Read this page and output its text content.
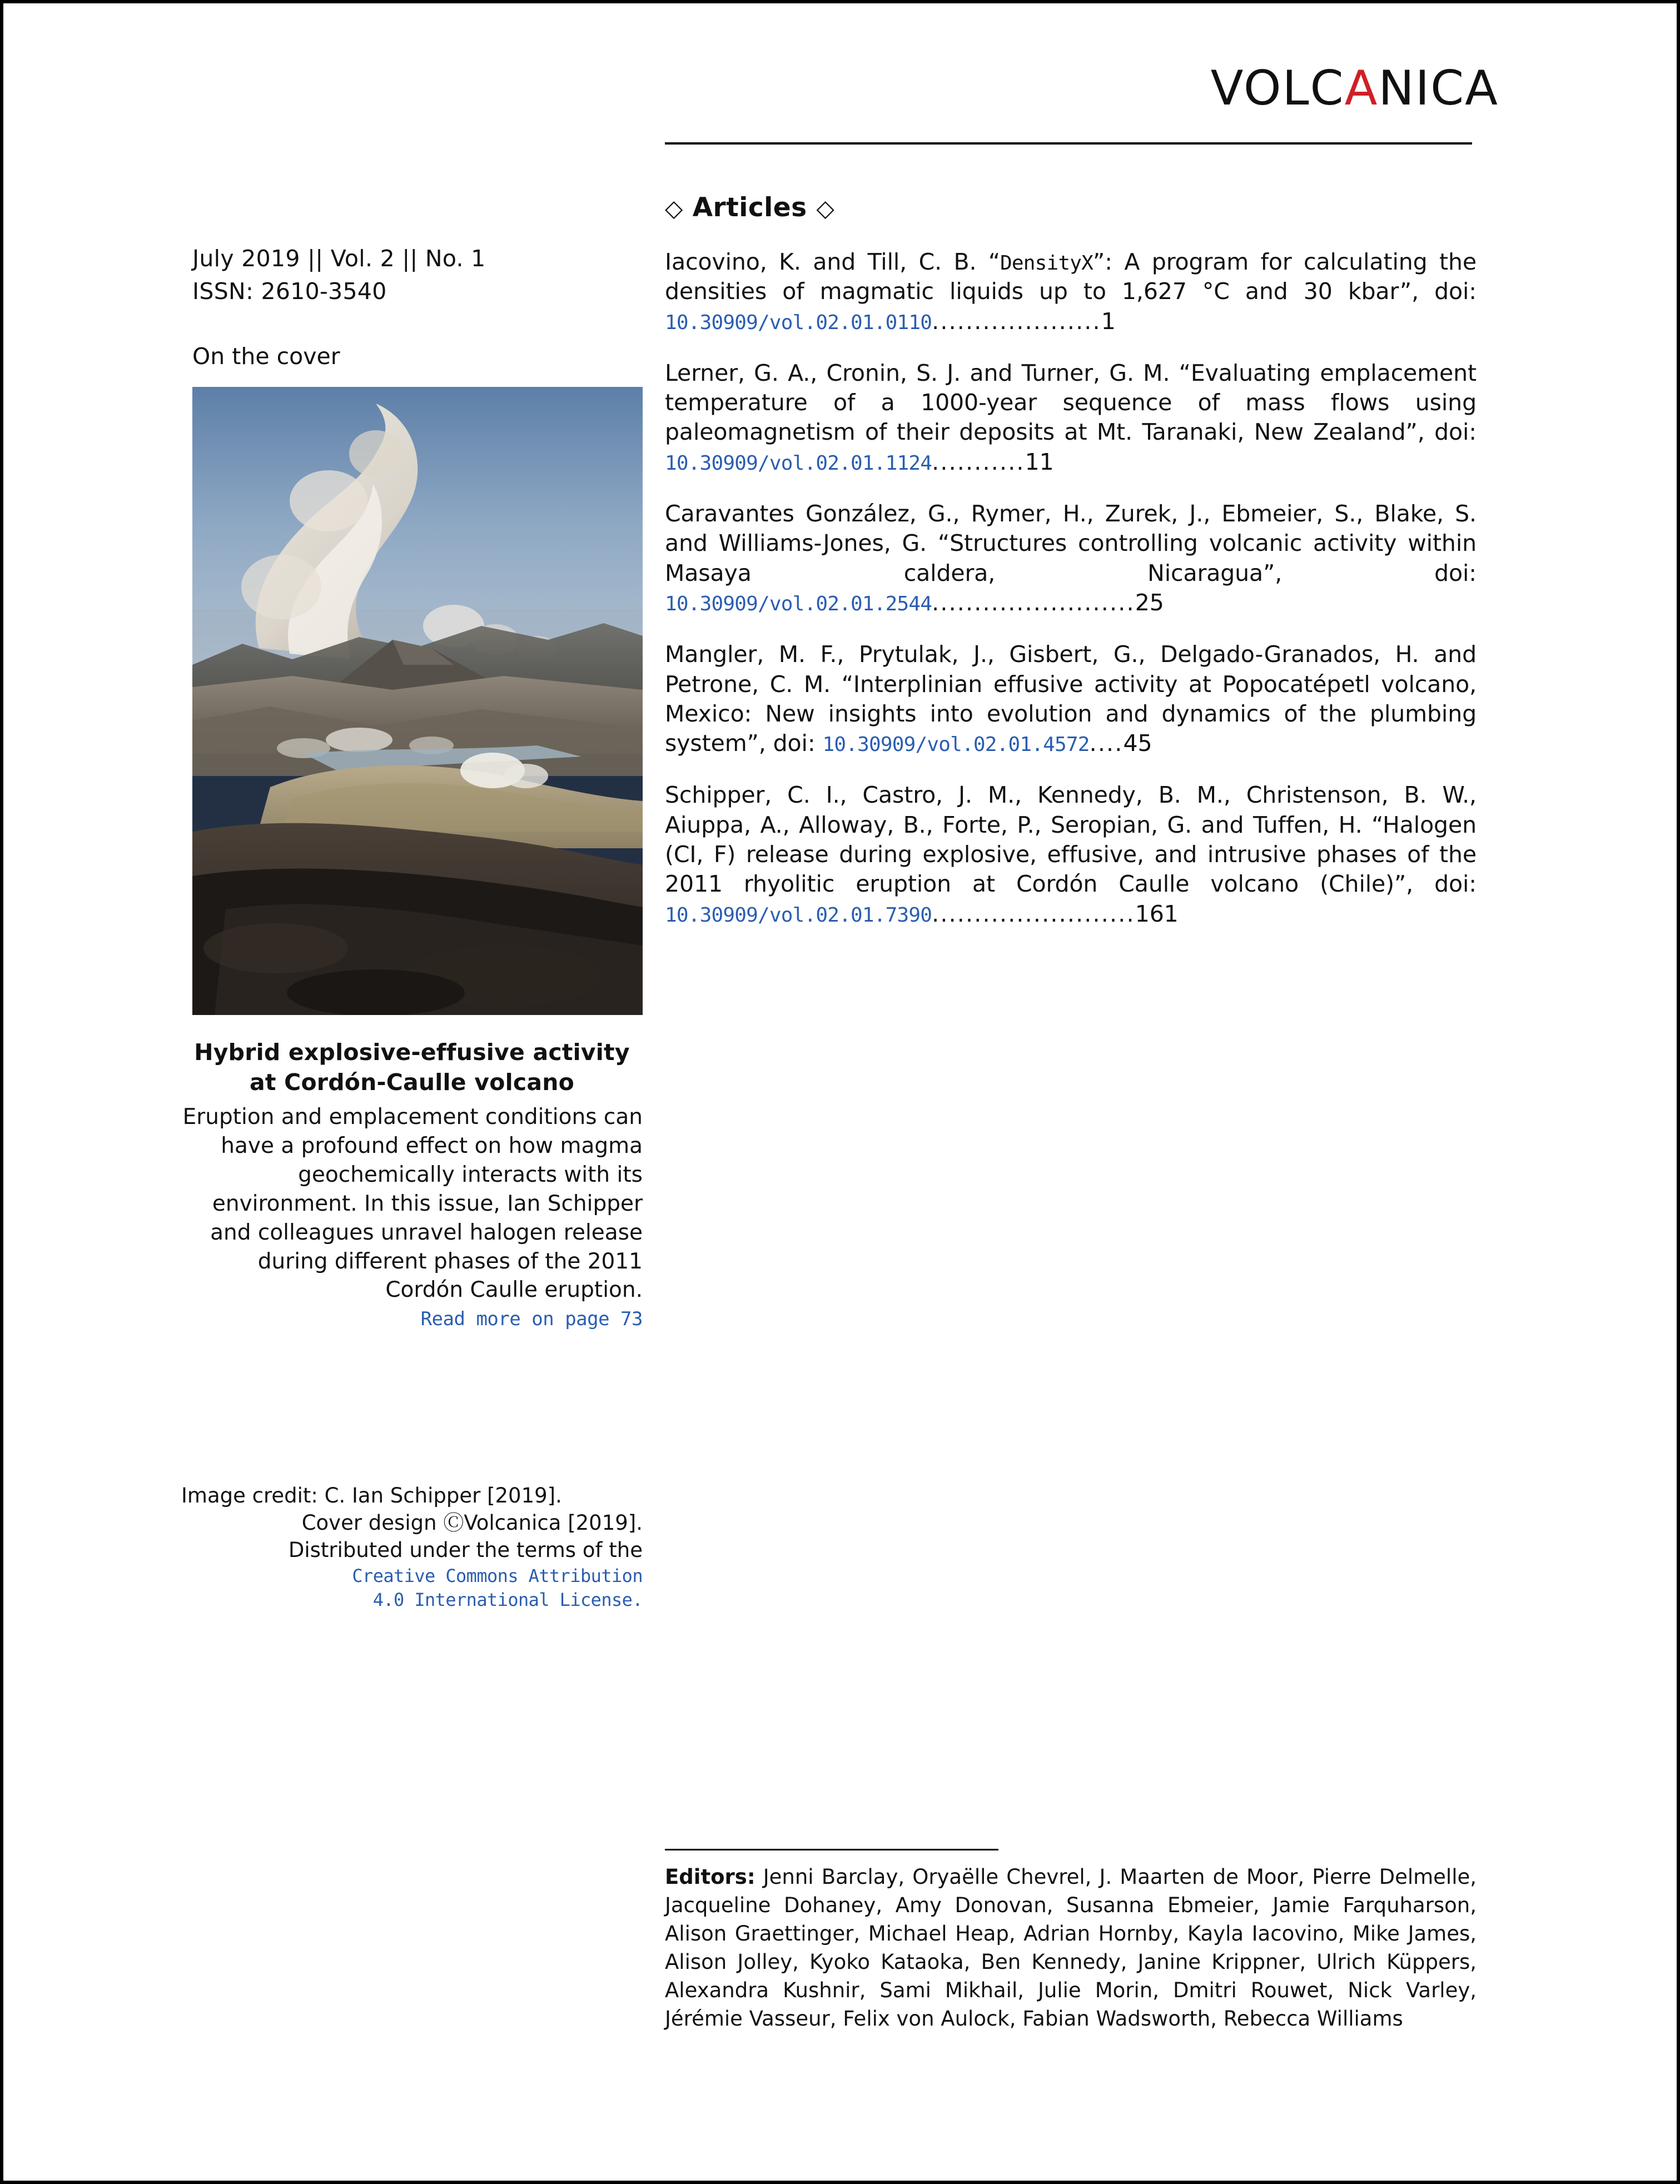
VOLCANICA
July 2019 || Vol. 2 || No. 1
ISSN: 2610-3540
On the cover
Hybrid explosive-effusive activity at Cordón-Caulle volcano
Eruption and emplacement conditions can have a profound effect on how magma geochemically interacts with its environment. In this issue, Ian Schipper and colleagues unravel halogen release during different phases of the 2011 Cordón Caulle eruption.
Read more on page 73
Image credit: C. Ian Schipper [2019].
Cover design ⒸVolcanica [2019].
Distributed under the terms of the
Creative Commons Attribution
4.0 International License.
◇ Articles ◇
Iacovino, K. and Till, C. B. “DensityX”: A program for calculating the densities of magmatic liquids up to 1,627 °C and 30 kbar”, doi: 10.30909/vol.02.01.0110....................1
Lerner, G. A., Cronin, S. J. and Turner, G. M. “Evaluating emplacement temperature of a 1000-year sequence of mass flows using paleomagnetism of their deposits at Mt. Taranaki, New Zealand”, doi: 10.30909/vol.02.01.1124...........11
Caravantes González, G., Rymer, H., Zurek, J., Ebmeier, S., Blake, S. and Williams-Jones, G. “Structures controlling volcanic activity within Masaya caldera, Nicaragua”, doi: 10.30909/vol.02.01.2544........................25
Mangler, M. F., Prytulak, J., Gisbert, G., Delgado-Granados, H. and Petrone, C. M. “Interplinian effusive activity at Popocatépetl volcano, Mexico: New insights into evolution and dynamics of the plumbing system”, doi: 10.30909/vol.02.01.4572....45
Schipper, C. I., Castro, J. M., Kennedy, B. M., Christenson, B. W., Aiuppa, A., Alloway, B., Forte, P., Seropian, G. and Tuffen, H. “Halogen (CI, F) release during explosive, effusive, and intrusive phases of the 2011 rhyolitic eruption at Cordón Caulle volcano (Chile)”, doi: 10.30909/vol.02.01.7390........................161
Editors: Jenni Barclay, Oryaëlle Chevrel, J. Maarten de Moor, Pierre Delmelle, Jacqueline Dohaney, Amy Donovan, Susanna Ebmeier, Jamie Farquharson, Alison Graettinger, Michael Heap, Adrian Hornby, Kayla Iacovino, Mike James, Alison Jolley, Kyoko Kataoka, Ben Kennedy, Janine Krippner, Ulrich Küppers, Alexandra Kushnir, Sami Mikhail, Julie Morin, Dmitri Rouwet, Nick Varley, Jérémie Vasseur, Felix von Aulock, Fabian Wadsworth, Rebecca Williams
